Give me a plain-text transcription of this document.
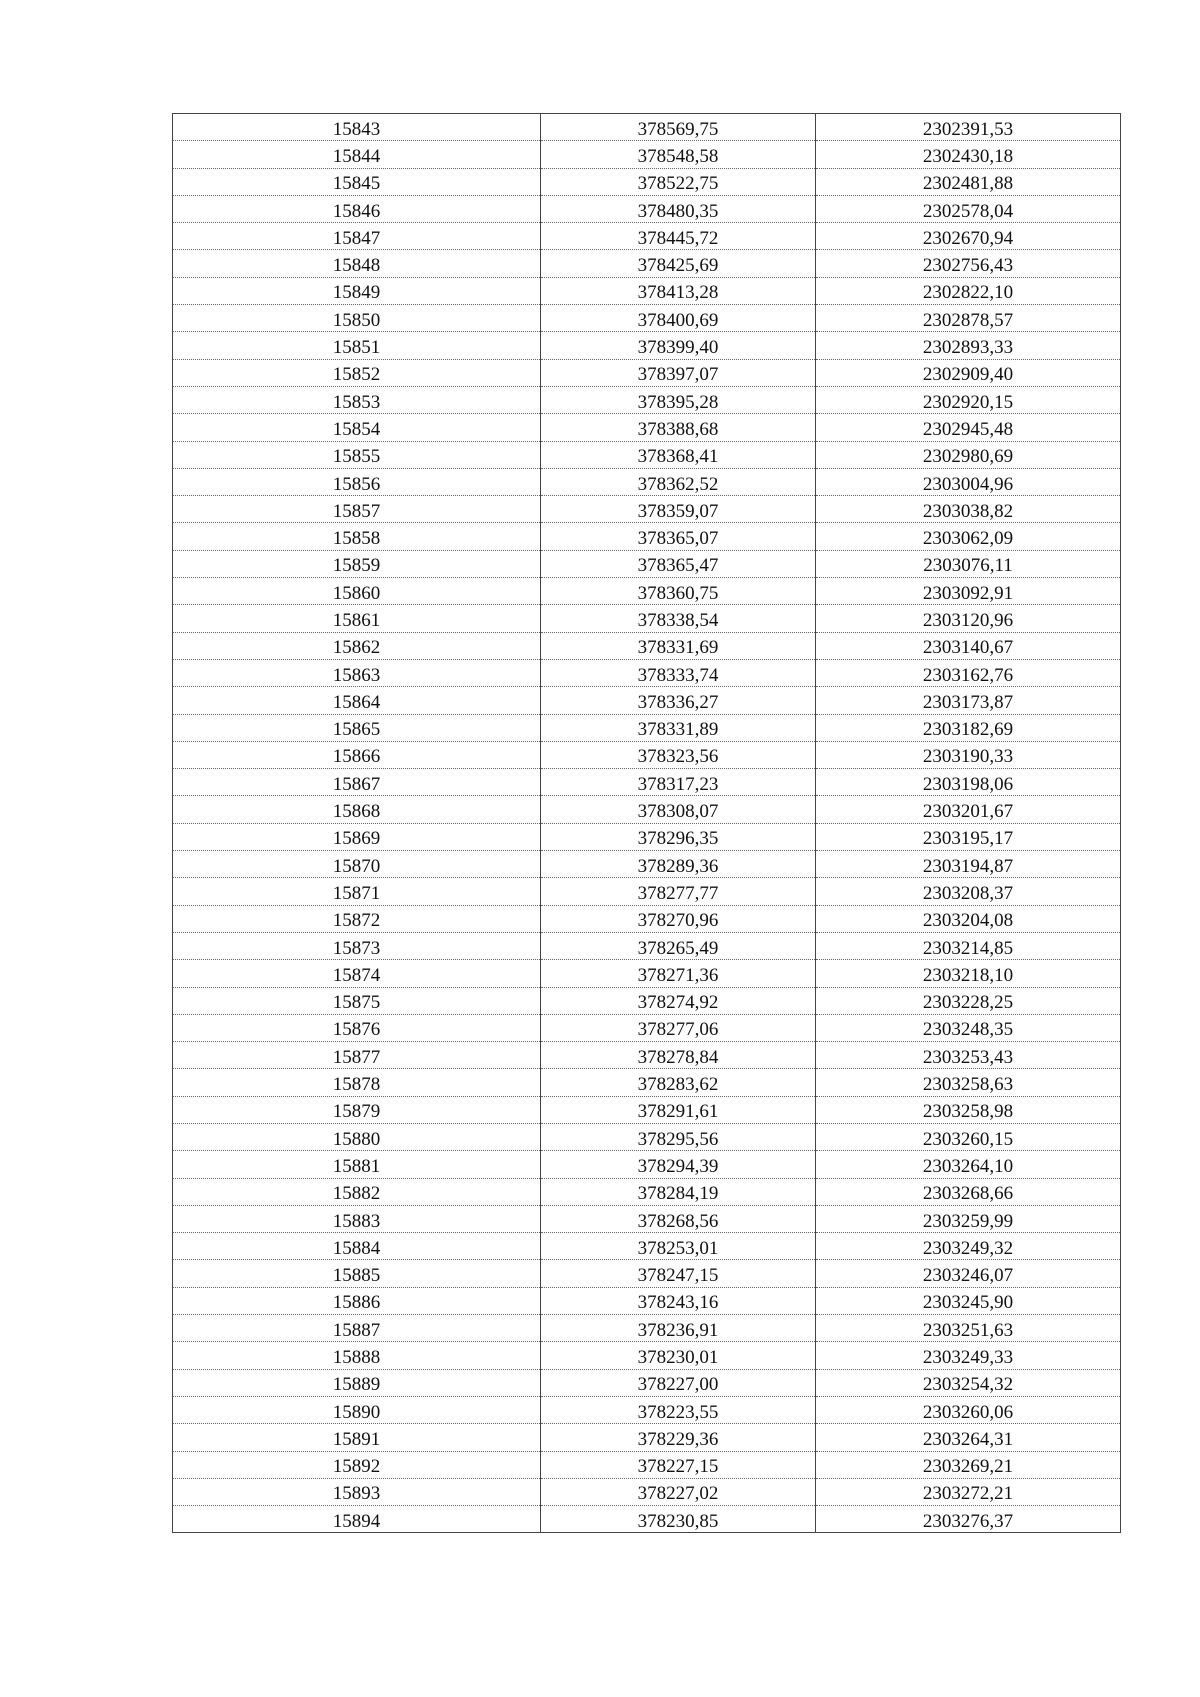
15843	378569,75	2302391,53
15844	378548,58	2302430,18
15845	378522,75	2302481,88
15846	378480,35	2302578,04
15847	378445,72	2302670,94
15848	378425,69	2302756,43
15849	378413,28	2302822,10
15850	378400,69	2302878,57
15851	378399,40	2302893,33
15852	378397,07	2302909,40
15853	378395,28	2302920,15
15854	378388,68	2302945,48
15855	378368,41	2302980,69
15856	378362,52	2303004,96
15857	378359,07	2303038,82
15858	378365,07	2303062,09
15859	378365,47	2303076,11
15860	378360,75	2303092,91
15861	378338,54	2303120,96
15862	378331,69	2303140,67
15863	378333,74	2303162,76
15864	378336,27	2303173,87
15865	378331,89	2303182,69
15866	378323,56	2303190,33
15867	378317,23	2303198,06
15868	378308,07	2303201,67
15869	378296,35	2303195,17
15870	378289,36	2303194,87
15871	378277,77	2303208,37
15872	378270,96	2303204,08
15873	378265,49	2303214,85
15874	378271,36	2303218,10
15875	378274,92	2303228,25
15876	378277,06	2303248,35
15877	378278,84	2303253,43
15878	378283,62	2303258,63
15879	378291,61	2303258,98
15880	378295,56	2303260,15
15881	378294,39	2303264,10
15882	378284,19	2303268,66
15883	378268,56	2303259,99
15884	378253,01	2303249,32
15885	378247,15	2303246,07
15886	378243,16	2303245,90
15887	378236,91	2303251,63
15888	378230,01	2303249,33
15889	378227,00	2303254,32
15890	378223,55	2303260,06
15891	378229,36	2303264,31
15892	378227,15	2303269,21
15893	378227,02	2303272,21
15894	378230,85	2303276,37
